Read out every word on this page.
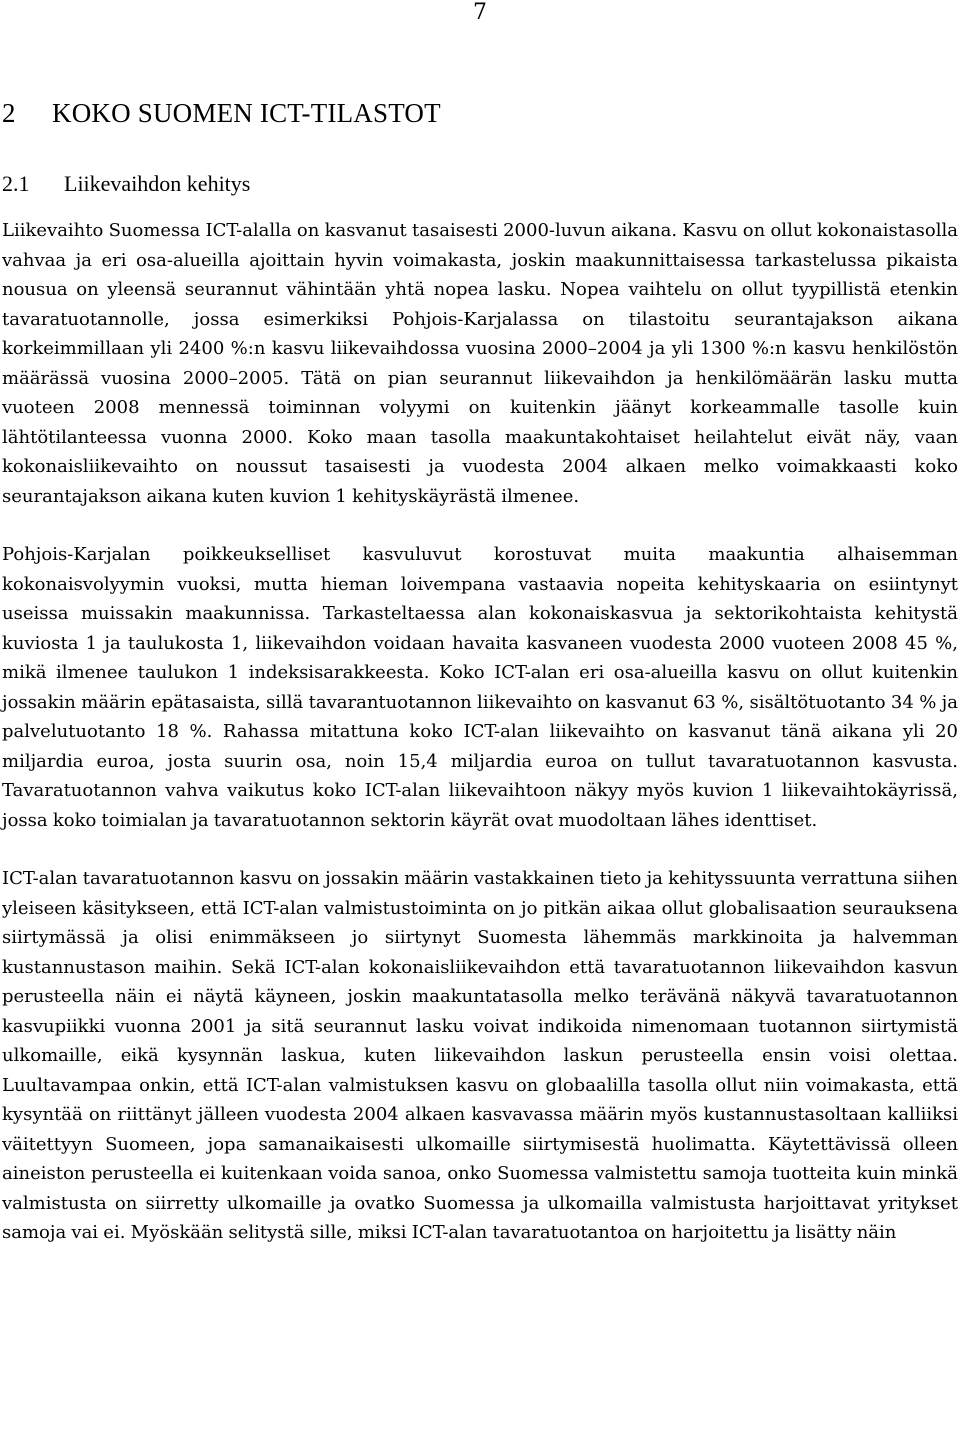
7
2 KOKO SUOMEN ICT-TILASTOT
2.1 Liikevaihdon kehitys

Liikevaihto Suomessa ICT-alalla on kasvanut tasaisesti 2000-luvun aikana. Kasvu on ollut kokonaistasolla vahvaa ja eri osa-alueilla ajoittain hyvin voimakasta, joskin maakunnittaisessa tarkastelussa pikaista nousua on yleensä seurannut vähintään yhtä nopea lasku. Nopea vaihtelu on ollut tyypillistä etenkin tavaratuotannolle, jossa esimerkiksi Pohjois-Karjalassa on tilastoitu seurantajakson aikana korkeimmillaan yli 2400 %:n kasvu liikevaihdossa vuosina 2000–2004 ja yli 1300 %:n kasvu henkilöstön määrässä vuosina 2000–2005. Tätä on pian seurannut liikevaihdon ja henkilömäärän lasku mutta vuoteen 2008 mennessä toiminnan volyymi on kuitenkin jäänyt korkeammalle tasolle kuin lähtötilanteessa vuonna 2000. Koko maan tasolla maakuntakohtaiset heilahtelut eivät näy, vaan kokonaisliikevaihto on noussut tasaisesti ja vuodesta 2004 alkaen melko voimakkaasti koko seurantajakson aikana kuten kuvion 1 kehityskäyrästä ilmenee.

Pohjois-Karjalan poikkeukselliset kasvuluvut korostuvat muita maakuntia alhaisemman kokonaisvolyymin vuoksi, mutta hieman loivempana vastaavia nopeita kehityskaaria on esiintynyt useissa muissakin maakunnissa. Tarkasteltaessa alan kokonaiskasvua ja sektorikohtaista kehitystä kuviosta 1 ja taulukosta 1, liikevaihdon voidaan havaita kasvaneen vuodesta 2000 vuoteen 2008 45 %, mikä ilmenee taulukon 1 indeksisarakkeesta. Koko ICT-alan eri osa-alueilla kasvu on ollut kuitenkin jossakin määrin epätasaista, sillä tavarantuotannon liikevaihto on kasvanut 63 %, sisältötuotanto 34 % ja palvelutuotanto 18 %. Rahassa mitattuna koko ICT-alan liikevaihto on kasvanut tänä aikana yli 20 miljardia euroa, josta suurin osa, noin 15,4 miljardia euroa on tullut tavaratuotannon kasvusta. Tavaratuotannon vahva vaikutus koko ICT-alan liikevaihtoon näkyy myös kuvion 1 liikevaihtokäyrissä, jossa koko toimialan ja tavaratuotannon sektorin käyrät ovat muodoltaan lähes identtiset.

ICT-alan tavaratuotannon kasvu on jossakin määrin vastakkainen tieto ja kehityssuunta verrattuna siihen yleiseen käsitykseen, että ICT-alan valmistustoiminta on jo pitkän aikaa ollut globalisaation seurauksena siirtymässä ja olisi enimmäkseen jo siirtynyt Suomesta lähemmäs markkinoita ja halvemman kustannustason maihin. Sekä ICT-alan kokonaisliikevaihdon että tavaratuotannon liikevaihdon kasvun perusteella näin ei näytä käyneen, joskin maakuntatasolla melko terävänä näkyvä tavaratuotannon kasvupiikki vuonna 2001 ja sitä seurannut lasku voivat indikoida nimenomaan tuotannon siirtymistä ulkomaille, eikä kysynnän laskua, kuten liikevaihdon laskun perusteella ensin voisi olettaa. Luultavampaa onkin, että ICT-alan valmistuksen kasvu on globaalilla tasolla ollut niin voimakasta, että kysyntää on riittänyt jälleen vuodesta 2004 alkaen kasvavassa määrin myös kustannustasoltaan kalliiksi väitettyyn Suomeen, jopa samanaikaisesti ulkomaille siirtymisestä huolimatta. Käytettävissä olleen aineiston perusteella ei kuitenkaan voida sanoa, onko Suomessa valmistettu samoja tuotteita kuin minkä valmistusta on siirretty ulkomaille ja ovatko Suomessa ja ulkomailla valmistusta harjoittavat yritykset samoja vai ei. Myöskään selitystä sille, miksi ICT-alan tavaratuotantoa on harjoitettu ja lisätty näin
